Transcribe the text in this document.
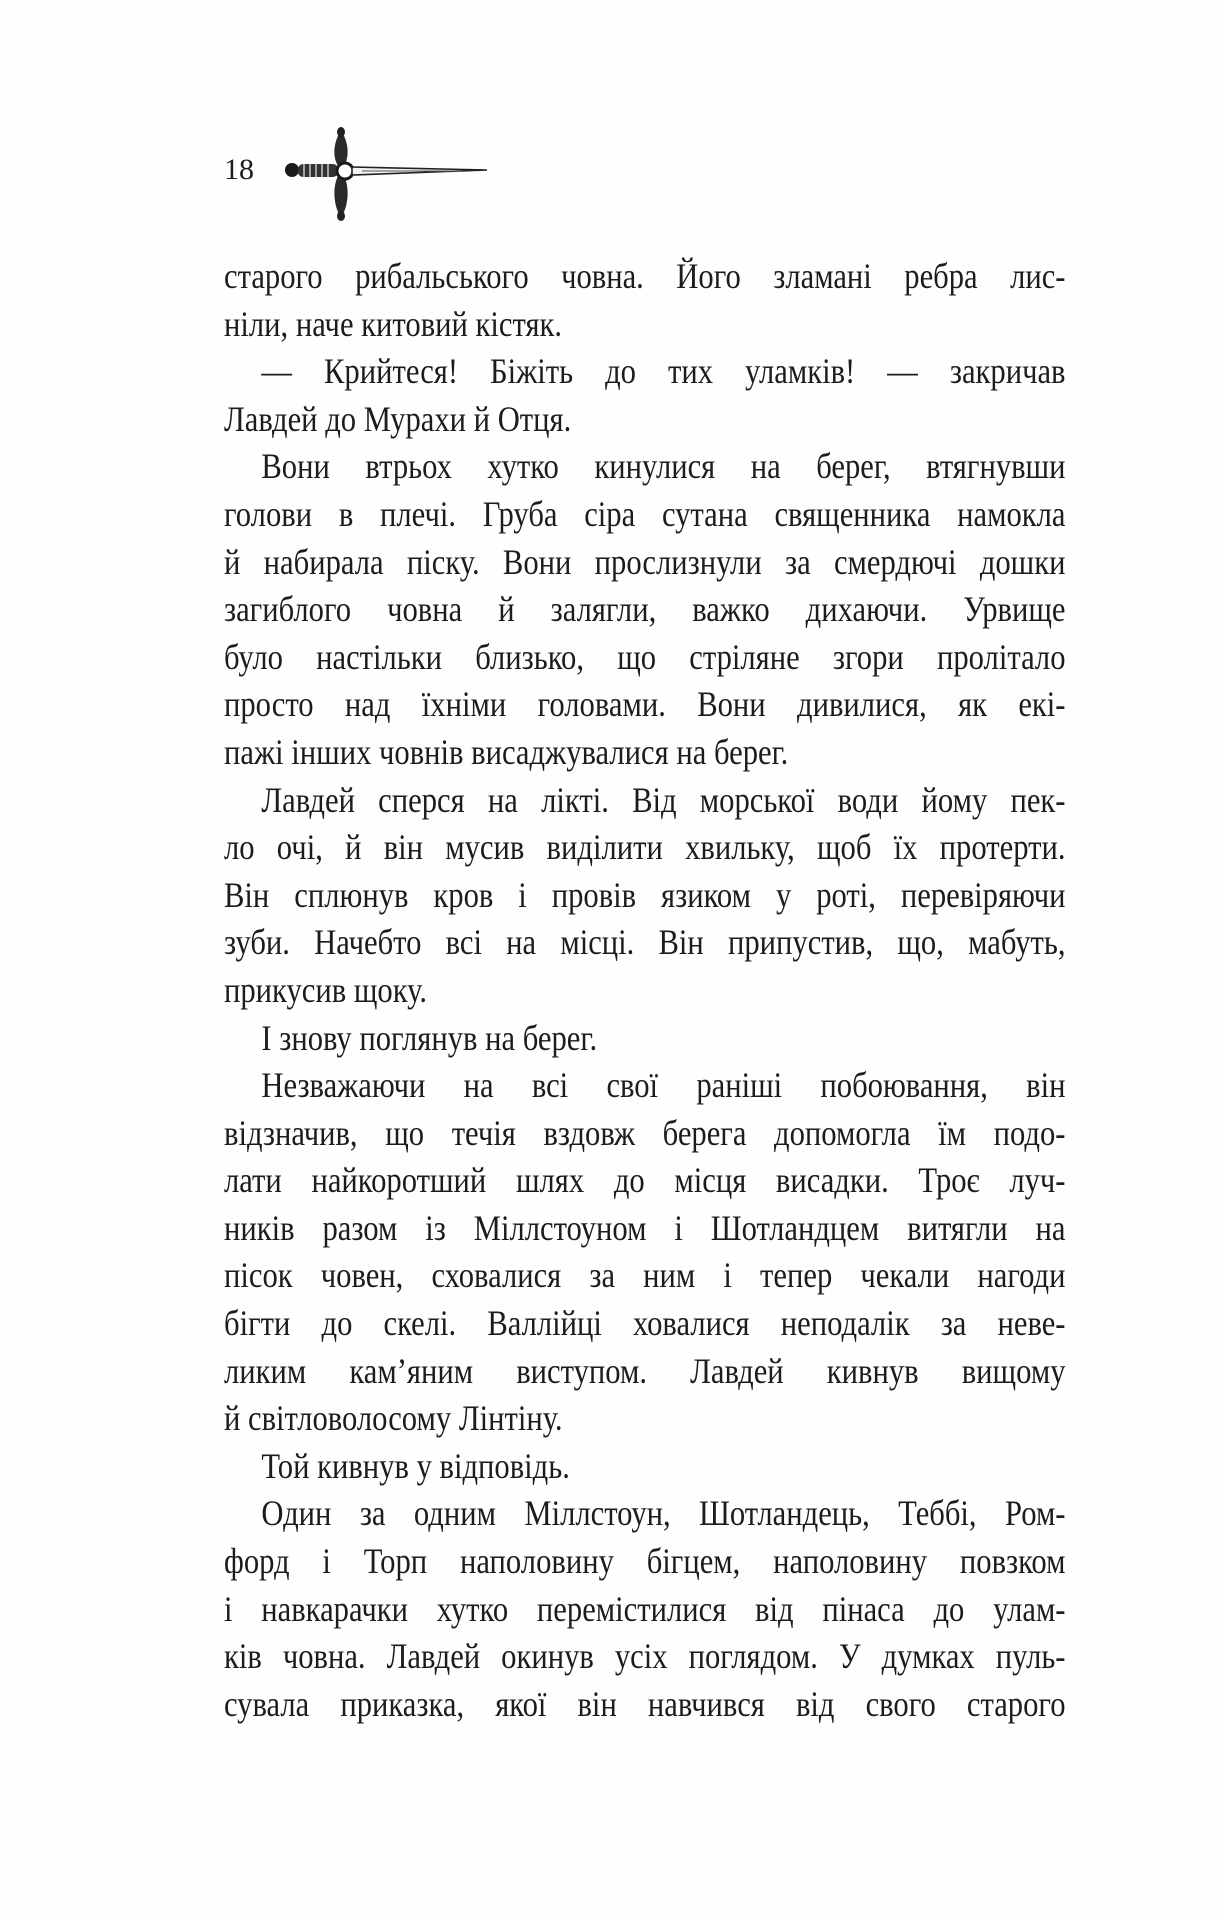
18
старого рибальського човна. Його зламані ребра лис-
ніли, наче китовий кістяк.
— Крийтеся! Біжіть до тих уламків! — закричав
Лавдей до Мурахи й Отця.
Вони втрьох хутко кинулися на берег, втягнувши
голови в плечі. Груба сіра сутана священника намокла
й набирала піску. Вони прослизнули за смердючі дошки
загиблого човна й залягли, важко дихаючи. Урвище
було настільки близько, що стріляне згори пролітало
просто над їхніми головами. Вони дивилися, як екі-
пажі інших човнів висаджувалися на берег.
Лавдей сперся на лікті. Від морської води йому пек-
ло очі, й він мусив виділити хвильку, щоб їх протерти.
Він сплюнув кров і провів язиком у роті, перевіряючи
зуби. Начебто всі на місці. Він припустив, що, мабуть,
прикусив щоку.
І знову поглянув на берег.
Незважаючи на всі свої раніші побоювання, він
відзначив, що течія вздовж берега допомогла їм подо-
лати найкоротший шлях до місця висадки. Троє луч-
ників разом із Міллстоуном і Шотландцем витягли на
пісок човен, сховалися за ним і тепер чекали нагоди
бігти до скелі. Валлійці ховалися неподалік за неве-
ликим кам’яним виступом. Лавдей кивнув вищому
й світловолосому Лінтіну.
Той кивнув у відповідь.
Один за одним Міллстоун, Шотландець, Теббі, Ром-
форд і Торп наполовину бігцем, наполовину повзком
і навкарачки хутко перемістилися від пінаса до улам-
ків човна. Лавдей окинув усіх поглядом. У думках пуль-
сувала приказка, якої він навчився від свого старого
